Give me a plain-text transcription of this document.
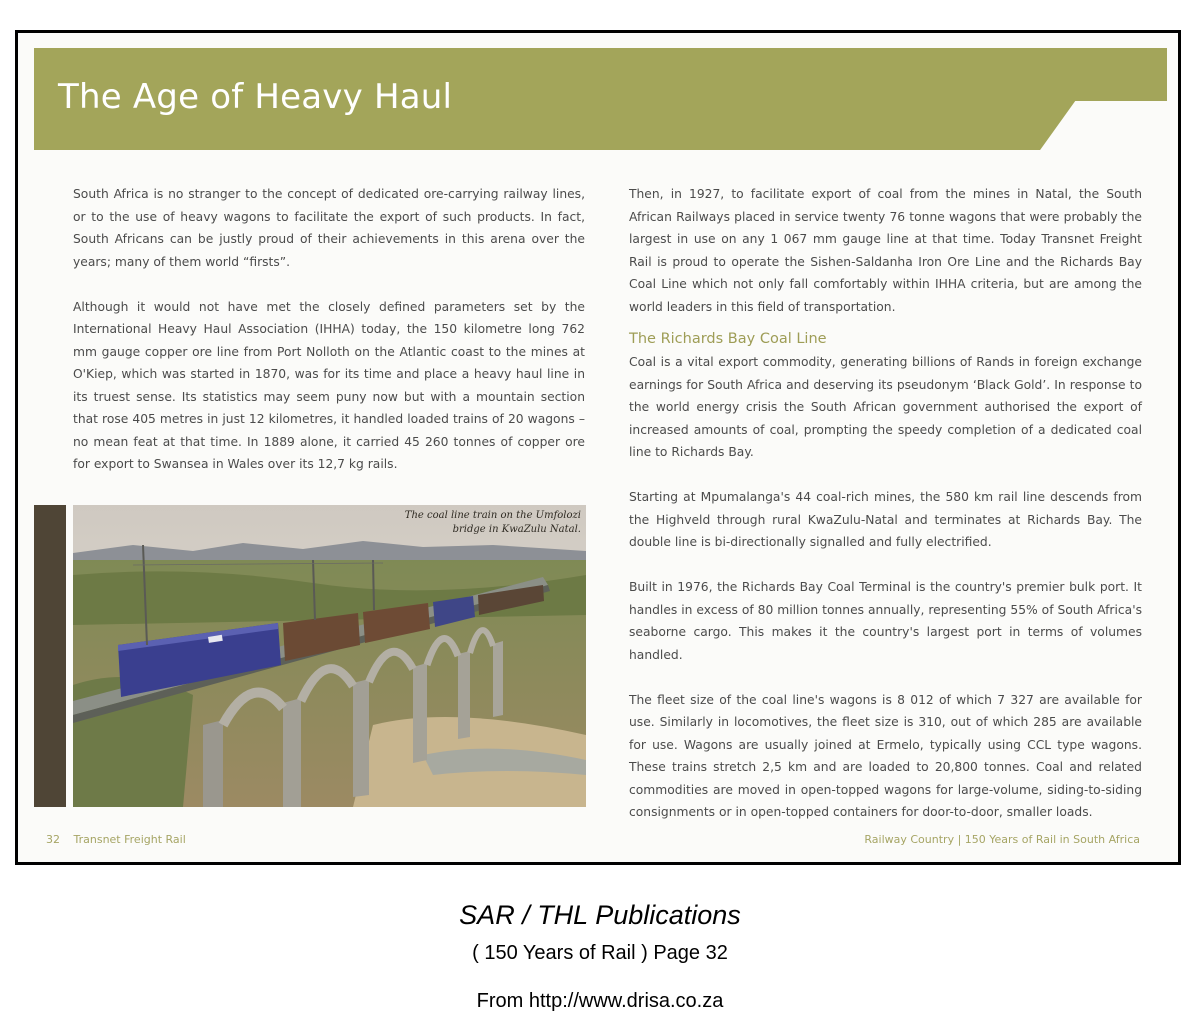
The Age of Heavy Haul

South Africa is no stranger to the concept of dedicated ore-carrying railway lines, or to the use of heavy wagons to facilitate the export of such products. In fact, South Africans can be justly proud of their achievements in this arena over the years; many of them world “firsts”.

Although it would not have met the closely defined parameters set by the International Heavy Haul Association (IHHA) today, the 150 kilometre long 762 mm gauge copper ore line from Port Nolloth on the Atlantic coast to the mines at O'Kiep, which was started in 1870, was for its time and place a heavy haul line in its truest sense. Its statistics may seem puny now but with a mountain section that rose 405 metres in just 12 kilometres, it handled loaded trains of 20 wagons – no mean feat at that time. In 1889 alone, it carried 45 260 tonnes of copper ore for export to Swansea in Wales over its 12,7 kg rails.

Then, in 1927, to facilitate export of coal from the mines in Natal, the South African Railways placed in service twenty 76 tonne wagons that were probably the largest in use on any 1 067 mm gauge line at that time. Today Transnet Freight Rail is proud to operate the Sishen-Saldanha Iron Ore Line and the Richards Bay Coal Line which not only fall comfortably within IHHA criteria, but are among the world leaders in this field of transportation.

The Richards Bay Coal Line

Coal is a vital export commodity, generating billions of Rands in foreign exchange earnings for South Africa and deserving its pseudonym ‘Black Gold’. In response to the world energy crisis the South African government authorised the export of increased amounts of coal, prompting the speedy completion of a dedicated coal line to Richards Bay.

Starting at Mpumalanga's 44 coal-rich mines, the 580 km rail line descends from the Highveld through rural KwaZulu-Natal and terminates at Richards Bay. The double line is bi-directionally signalled and fully electrified.

Built in 1976, the Richards Bay Coal Terminal is the country's premier bulk port. It handles in excess of 80 million tonnes annually, representing 55% of South Africa's seaborne cargo. This makes it the country's largest port in terms of volumes handled.

The fleet size of the coal line's wagons is 8 012 of which 7 327 are available for use. Similarly in locomotives, the fleet size is 310, out of which 285 are available for use. Wagons are usually joined at Ermelo, typically using CCL type wagons. These trains stretch 2,5 km and are loaded to 20,800 tonnes. Coal and related commodities are moved in open-topped wagons for large-volume, siding-to-siding consignments or in open-topped containers for door-to-door, smaller loads.

The coal line train on the Umfolozi
bridge in KwaZulu Natal.
32 Transnet Freight Rail	Railway Country | 150 Years of Rail in South Africa
SAR / THL Publications
( 150 Years of Rail ) Page 32
From http://www.drisa.co.za
